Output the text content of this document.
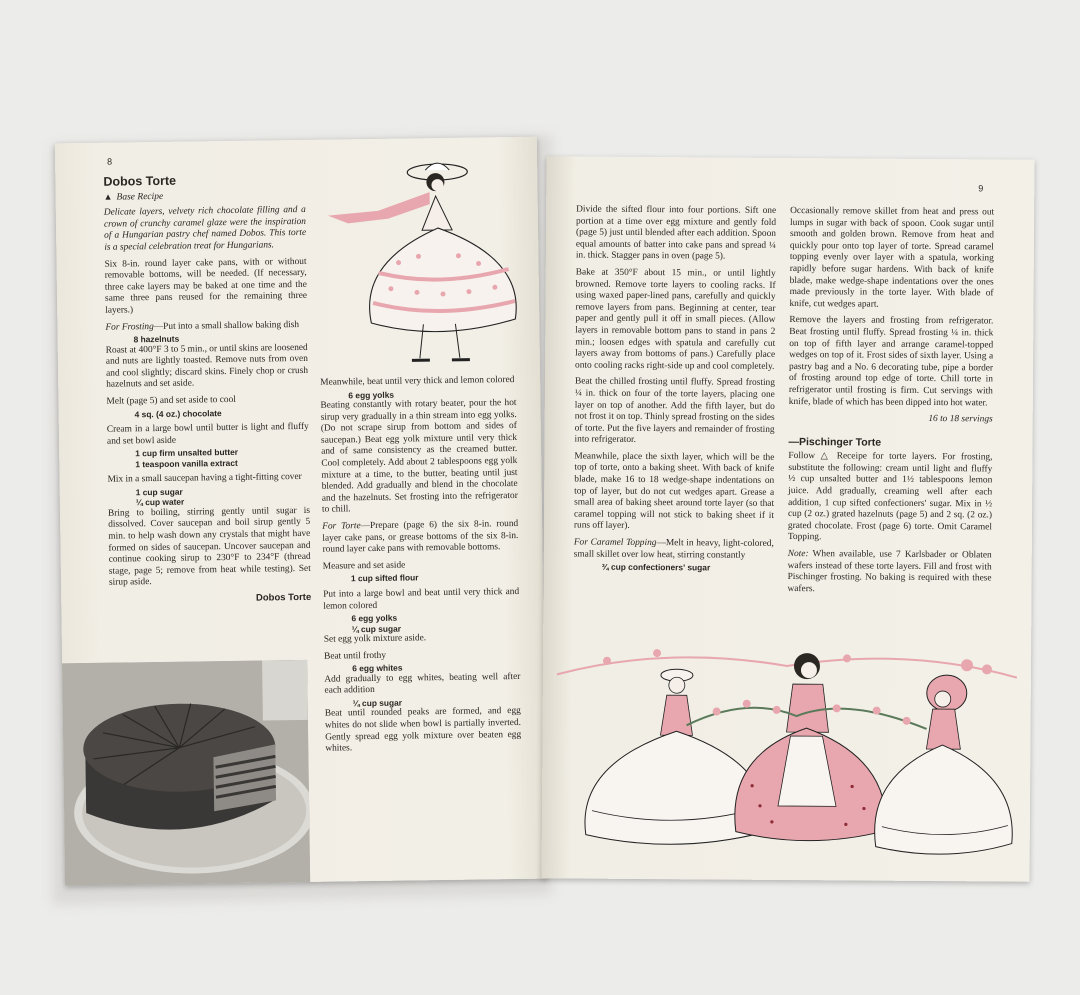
8
Dobos Torte
▲ Base Recipe

Delicate layers, velvety rich chocolate filling and a crown of crunchy caramel glaze were the inspiration of a Hungarian pastry chef named Dobos. This torte is a special celebration treat for Hungarians.

Six 8-in. round layer cake pans, with or without removable bottoms, will be needed. (If necessary, three cake layers may be baked at one time and the same three pans reused for the remaining three layers.)

For Frosting—Put into a small shallow baking dish

8 hazelnuts

Roast at 400°F 3 to 5 min., or until skins are loosened and nuts are lightly toasted. Remove nuts from oven and cool slightly; discard skins. Finely chop or crush hazelnuts and set aside.

Melt (page 5) and set aside to cool

4 sq. (4 oz.) chocolate

Cream in a large bowl until butter is light and fluffy and set bowl aside

1 cup firm unsalted butter
1 teaspoon vanilla extract

Mix in a small saucepan having a tight-fitting cover

1 cup sugar
¼ cup water

Bring to boiling, stirring gently until sugar is dissolved. Cover saucepan and boil sirup gently 5 min. to help wash down any crystals that might have formed on sides of saucepan. Uncover saucepan and continue cooking sirup to 230°F to 234°F (thread stage, page 5; remove from heat while testing). Set sirup aside.

Dobos Torte

Meanwhile, beat until very thick and lemon colored

6 egg yolks

Beating constantly with rotary beater, pour the hot sirup very gradually in a thin stream into egg yolks. (Do not scrape sirup from bottom and sides of saucepan.) Beat egg yolk mixture until very thick and of same consistency as the creamed butter. Cool completely. Add about 2 tablespoons egg yolk mixture at a time, to the butter, beating until just blended. Add gradually and blend in the chocolate and the hazelnuts. Set frosting into the refrigerator to chill.

For Torte—Prepare (page 6) the six 8-in. round layer cake pans, or grease bottoms of the six 8-in. round layer cake pans with removable bottoms.

Measure and set aside

1 cup sifted flour

Put into a large bowl and beat until very thick and lemon colored

6 egg yolks
¼ cup sugar

Set egg yolk mixture aside.

Beat until frothy

6 egg whites

Add gradually to egg whites, beating well after each addition

¼ cup sugar

Beat until rounded peaks are formed, and egg whites do not slide when bowl is partially inverted. Gently spread egg yolk mixture over beaten egg whites.

9

Divide the sifted flour into four portions. Sift one portion at a time over egg mixture and gently fold (page 5) just until blended after each addition. Spoon equal amounts of batter into cake pans and spread ¼ in. thick. Stagger pans in oven (page 5).

Bake at 350°F about 15 min., or until lightly browned. Remove torte layers to cooling racks. If using waxed paper-lined pans, carefully and quickly remove layers from pans. Beginning at center, tear paper and gently pull it off in small pieces. (Allow layers in removable bottom pans to stand in pans 2 min.; loosen edges with spatula and carefully cut layers away from bottoms of pans.) Carefully place onto cooling racks right-side up and cool completely.

Beat the chilled frosting until fluffy. Spread frosting ¼ in. thick on four of the torte layers, placing one layer on top of another. Add the fifth layer, but do not frost it on top. Thinly spread frosting on the sides of torte. Put the five layers and remainder of frosting into refrigerator.

Meanwhile, place the sixth layer, which will be the top of torte, onto a baking sheet. With back of knife blade, make 16 to 18 wedge-shape indentations on top of layer, but do not cut wedges apart. Grease a small area of baking sheet around torte layer (so that caramel topping will not stick to baking sheet if it runs off layer).

For Caramel Topping—Melt in heavy, light-colored, small skillet over low heat, stirring constantly

¾ cup confectioners' sugar

Occasionally remove skillet from heat and press out lumps in sugar with back of spoon. Cook sugar until smooth and golden brown. Remove from heat and quickly pour onto top layer of torte. Spread caramel topping evenly over layer with a spatula, working rapidly before sugar hardens. With back of knife blade, make wedge-shape indentations over the ones made previously in the torte layer. With blade of knife, cut wedges apart.

Remove the layers and frosting from refrigerator. Beat frosting until fluffy. Spread frosting ¼ in. thick on top of fifth layer and arrange caramel-topped wedges on top of it. Frost sides of sixth layer. Using a pastry bag and a No. 6 decorating tube, pipe a border of frosting around top edge of torte. Chill torte in refrigerator until frosting is firm. Cut servings with knife, blade of which has been dipped into hot water.

16 to 18 servings

—Pischinger Torte

Follow △ Receipe for torte layers. For frosting, substitute the following: cream until light and fluffy ½ cup unsalted butter and 1½ tablespoons lemon juice. Add gradually, creaming well after each addition, 1 cup sifted confectioners' sugar. Mix in ½ cup (2 oz.) grated hazelnuts (page 5) and 2 sq. (2 oz.) grated chocolate. Frost (page 6) torte. Omit Caramel Topping.

Note: When available, use 7 Karlsbader or Oblaten wafers instead of these torte layers. Fill and frost with Pischinger frosting. No baking is required with these wafers.
